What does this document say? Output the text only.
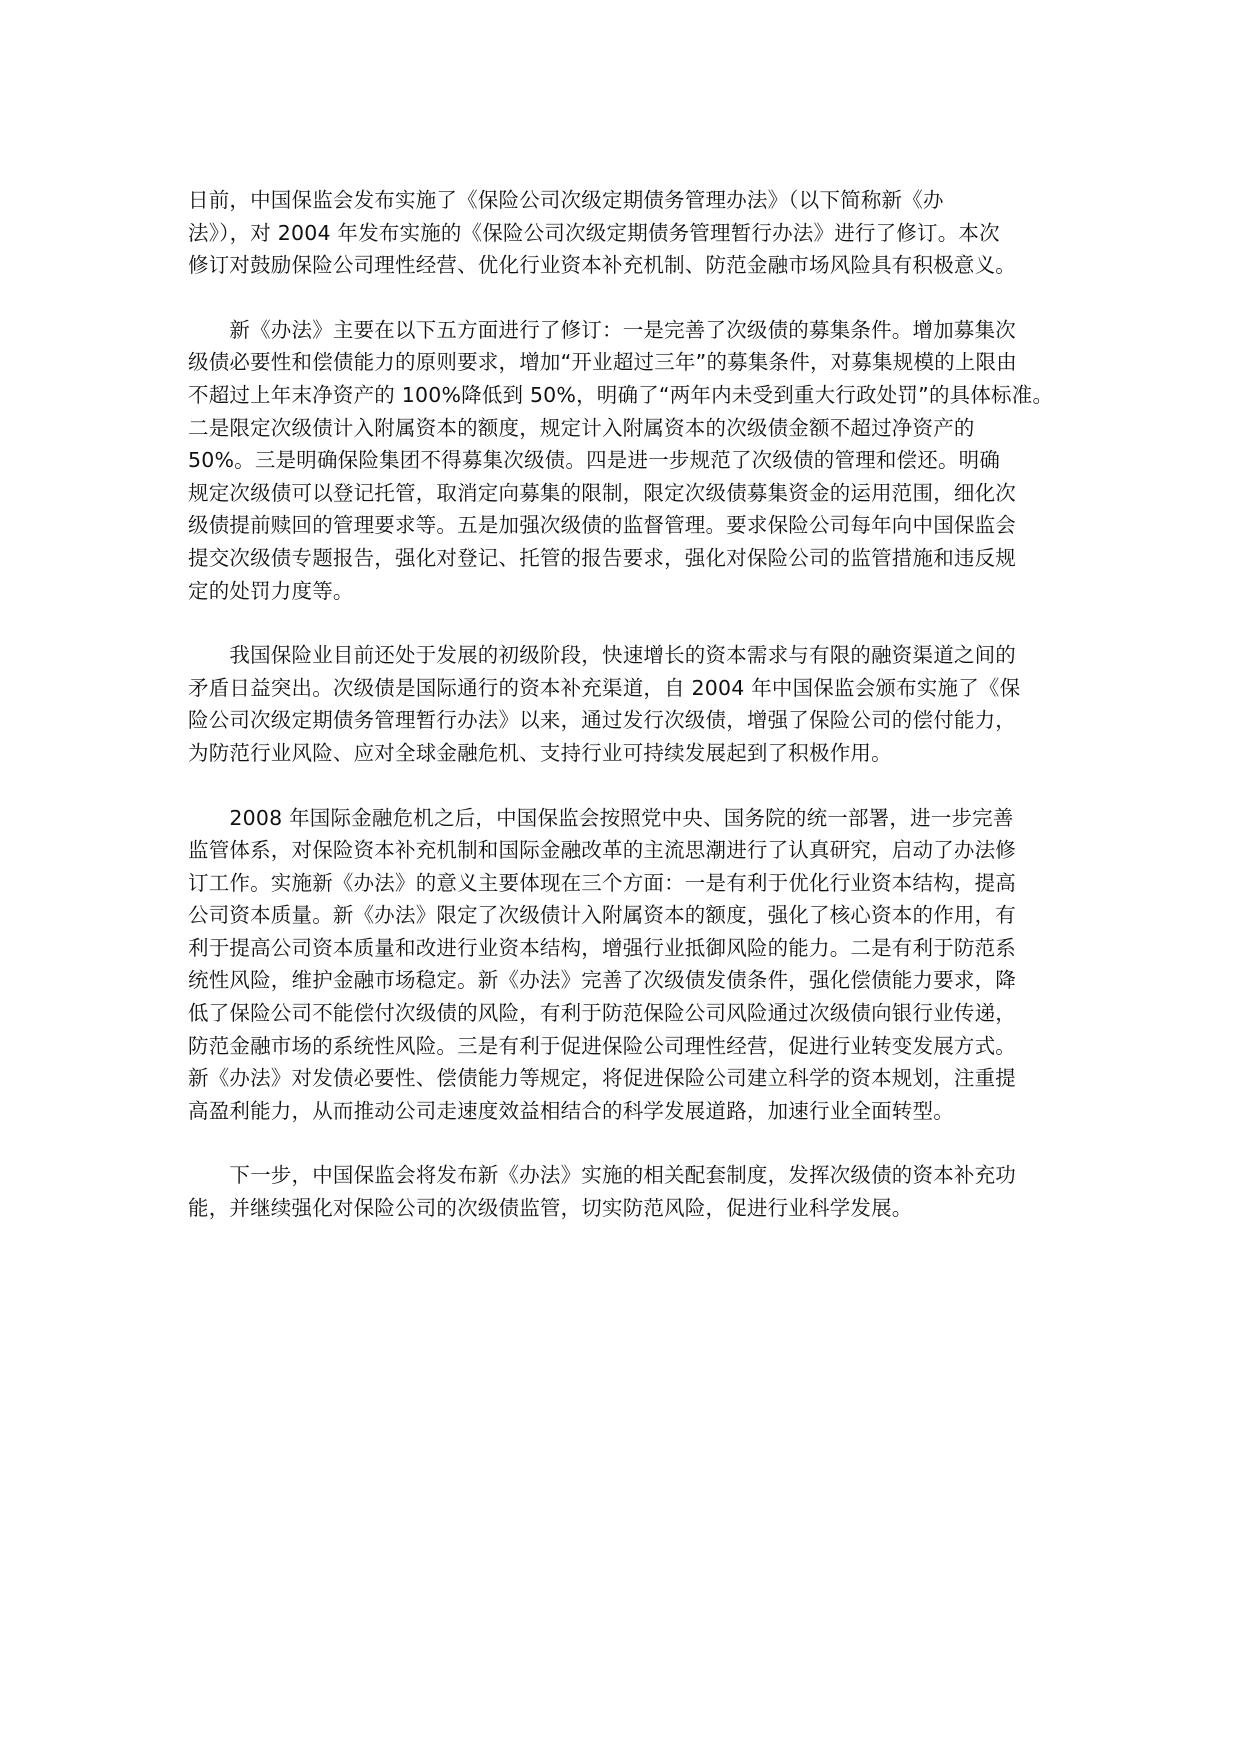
日前，中国保监会发布实施了《保险公司次级定期债务管理办法》（以下简称新《办
法》），对 2004 年发布实施的《保险公司次级定期债务管理暂行办法》进行了修订。本次
修订对鼓励保险公司理性经营、优化行业资本补充机制、防范金融市场风险具有积极意义。

　　新《办法》主要在以下五方面进行了修订：一是完善了次级债的募集条件。增加募集次
级债必要性和偿债能力的原则要求，增加“开业超过三年”的募集条件，对募集规模的上限由
不超过上年末净资产的 100%降低到 50%，明确了“两年内未受到重大行政处罚”的具体标准。
二是限定次级债计入附属资本的额度，规定计入附属资本的次级债金额不超过净资产的
50%。三是明确保险集团不得募集次级债。四是进一步规范了次级债的管理和偿还。明确
规定次级债可以登记托管，取消定向募集的限制，限定次级债募集资金的运用范围，细化次
级债提前赎回的管理要求等。五是加强次级债的监督管理。要求保险公司每年向中国保监会
提交次级债专题报告，强化对登记、托管的报告要求，强化对保险公司的监管措施和违反规
定的处罚力度等。

　　我国保险业目前还处于发展的初级阶段，快速增长的资本需求与有限的融资渠道之间的
矛盾日益突出。次级债是国际通行的资本补充渠道，自 2004 年中国保监会颁布实施了《保
险公司次级定期债务管理暂行办法》以来，通过发行次级债，增强了保险公司的偿付能力，
为防范行业风险、应对全球金融危机、支持行业可持续发展起到了积极作用。

　　2008 年国际金融危机之后，中国保监会按照党中央、国务院的统一部署，进一步完善
监管体系，对保险资本补充机制和国际金融改革的主流思潮进行了认真研究，启动了办法修
订工作。实施新《办法》的意义主要体现在三个方面：一是有利于优化行业资本结构，提高
公司资本质量。新《办法》限定了次级债计入附属资本的额度，强化了核心资本的作用，有
利于提高公司资本质量和改进行业资本结构，增强行业抵御风险的能力。二是有利于防范系
统性风险，维护金融市场稳定。新《办法》完善了次级债发债条件，强化偿债能力要求，降
低了保险公司不能偿付次级债的风险，有利于防范保险公司风险通过次级债向银行业传递，
防范金融市场的系统性风险。三是有利于促进保险公司理性经营，促进行业转变发展方式。
新《办法》对发债必要性、偿债能力等规定，将促进保险公司建立科学的资本规划，注重提
高盈利能力，从而推动公司走速度效益相结合的科学发展道路，加速行业全面转型。

　　下一步，中国保监会将发布新《办法》实施的相关配套制度，发挥次级债的资本补充功
能，并继续强化对保险公司的次级债监管，切实防范风险，促进行业科学发展。
